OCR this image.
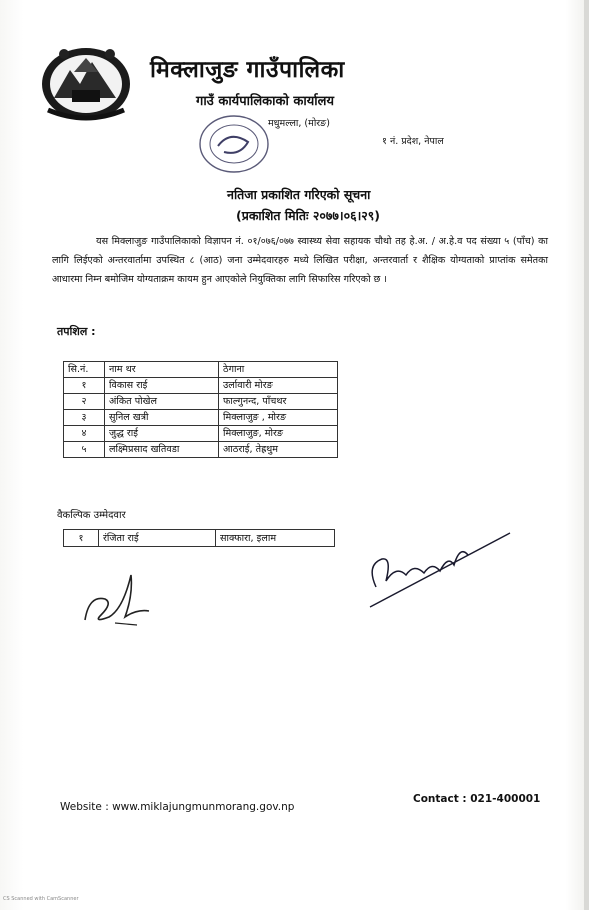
मिक्लाजुङ गाउँपालिका
गाउँ कार्यपालिकाको कार्यालय
मधुमल्ला, (मोरङ)
१ नं. प्रदेश, नेपाल
नतिजा प्रकाशित गरिएको सूचना
(प्रकाशित मितिः २०७७।०६।२९)
यस मिक्लाजुङ गाउँपालिकाको विज्ञापन नं. ०१/०७६/०७७ स्वास्थ्य सेवा सहायक चौथो तह हे.अ. / अ.हे.व पद संख्या ५ (पाँच) का लागि लिईएको अन्तरवार्तामा उपस्थित ८ (आठ) जना उम्मेदवारहरु मध्ये लिखित परीक्षा, अन्तरवार्ता र शैक्षिक योग्यताको प्राप्तांक समेतका आधारमा निम्न बमोजिम योग्यताक्रम कायम हुन आएकोले नियुक्तिका लागि सिफारिस गरिएको छ ।
तपशिल :
सि.नं.	नाम थर	ठेगाना
१	विकास राई	उर्लावारी मोरङ
२	अंकित पोखेल	फाल्गुनन्द, पाँचथर
३	सुनिल खत्री	मिक्लाजुङ , मोरङ
४	जुद्ध राई	मिक्लाजुङ, मोरङ
५	लक्ष्मिप्रसाद खतिवडा	आठराई, तेह्रथुम
वैकल्पिक उम्मेदवार
१	रंजिता राई	साक्फारा, इलाम
Website : www.miklajungmunmorang.gov.np
Contact : 021-400001
CS Scanned with CamScanner
